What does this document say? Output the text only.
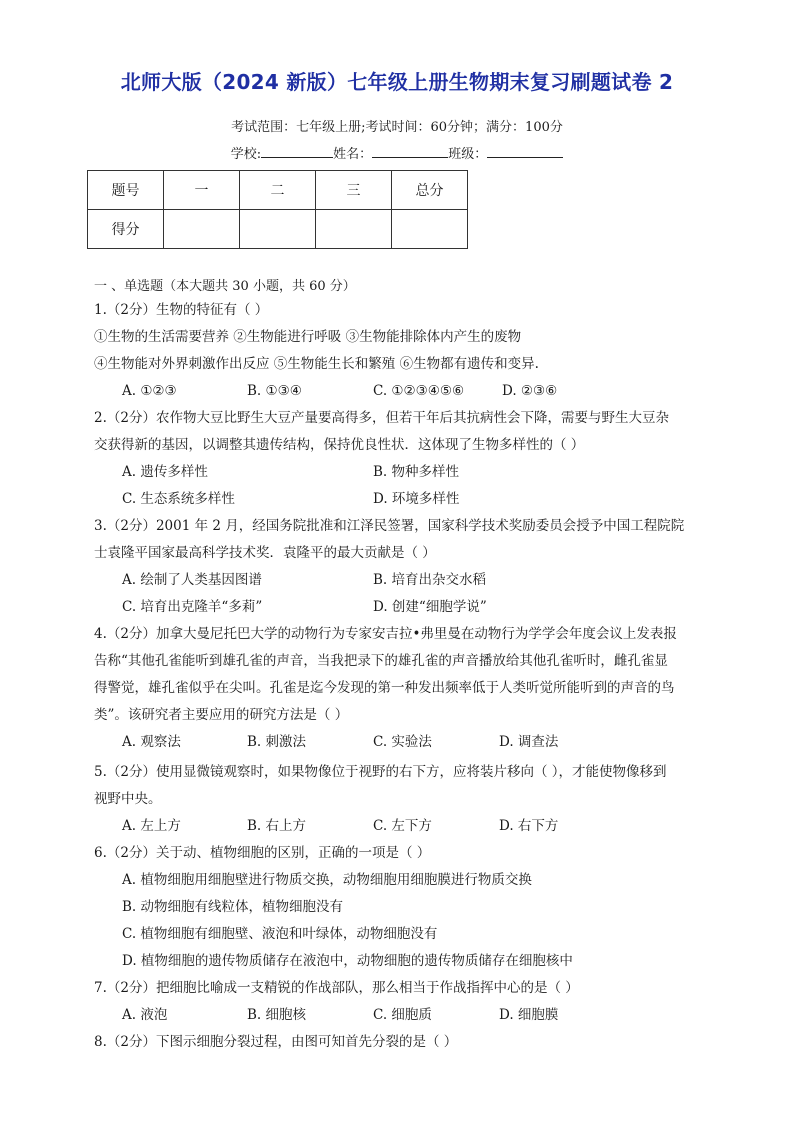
北师大版（2024 新版）七年级上册生物期末复习刷题试卷 2
考试范围：七年级上册;考试时间：60分钟；满分：100分
学校:	姓名：	班级：
题号	一	二	三	总分
得分				
一 、单选题（本大题共 30 小题，共 60 分）
1.（2分）生物的特征有（ ）
①生物的生活需要营养 ②生物能进行呼吸 ③生物能排除体内产生的废物
④生物能对外界刺激作出反应 ⑤生物能生长和繁殖 ⑥生物都有遗传和变异.
A. ①②③	B. ①③④	C. ①②③④⑤⑥	D. ②③⑥
2.（2分）农作物大豆比野生大豆产量要高得多，但若干年后其抗病性会下降，需要与野生大豆杂
交获得新的基因，以调整其遗传结构，保持优良性状．这体现了生物多样性的（ ）
A. 遗传多样性	B. 物种多样性
C. 生态系统多样性	D. 环境多样性
3.（2分）2001 年 2 月，经国务院批准和江泽民签署，国家科学技术奖励委员会授予中国工程院院
士袁隆平国家最高科学技术奖．袁隆平的最大贡献是（ ）
A. 绘制了人类基因图谱	B. 培育出杂交水稻
C. 培育出克隆羊“多莉”	D. 创建“细胞学说”
4.（2分）加拿大曼尼托巴大学的动物行为专家安吉拉•弗里曼在动物行为学学会年度会议上发表报
告称“其他孔雀能听到雄孔雀的声音，当我把录下的雄孔雀的声音播放给其他孔雀听时，雌孔雀显
得警觉，雄孔雀似乎在尖叫。孔雀是迄今发现的第一种发出频率低于人类听觉所能听到的声音的鸟
类”。该研究者主要应用的研究方法是（ ）
A. 观察法	B. 刺激法	C. 实验法	D. 调查法
5.（2分）使用显微镜观察时，如果物像位于视野的右下方，应将装片移向（ ），才能使物像移到
视野中央。
A. 左上方	B. 右上方	C. 左下方	D. 右下方
6.（2分）关于动、植物细胞的区别，正确的一项是（ ）
A. 植物细胞用细胞壁进行物质交换，动物细胞用细胞膜进行物质交换
B. 动物细胞有线粒体，植物细胞没有
C. 植物细胞有细胞壁、液泡和叶绿体，动物细胞没有
D. 植物细胞的遗传物质储存在液泡中，动物细胞的遗传物质储存在细胞核中
7.（2分）把细胞比喻成一支精锐的作战部队，那么相当于作战指挥中心的是（ ）
A. 液泡	B. 细胞核	C. 细胞质	D. 细胞膜
8.（2分）下图示细胞分裂过程，由图可知首先分裂的是（ ）
